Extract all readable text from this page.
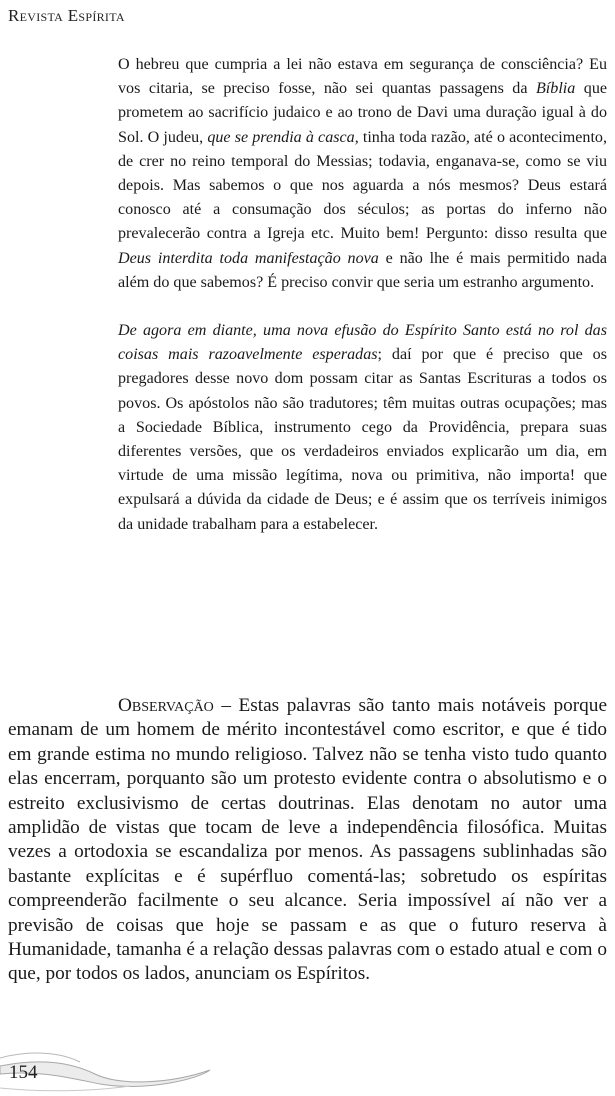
Revista Espírita

O hebreu que cumpria a lei não estava em segurança de consciência? Eu vos citaria, se preciso fosse, não sei quantas passagens da Bíblia que prometem ao sacrifício judaico e ao trono de Davi uma duração igual à do Sol. O judeu, que se prendia à casca, tinha toda razão, até o acontecimento, de crer no reino temporal do Messias; todavia, enganava-se, como se viu depois. Mas sabemos o que nos aguarda a nós mesmos? Deus estará conosco até a consumação dos séculos; as portas do inferno não prevalecerão contra a Igreja etc. Muito bem! Pergunto: disso resulta que Deus interdita toda manifestação nova e não lhe é mais permitido nada além do que sabemos? É preciso convir que seria um estranho argumento.

De agora em diante, uma nova efusão do Espírito Santo está no rol das coisas mais razoavelmente esperadas; daí por que é preciso que os pregadores desse novo dom possam citar as Santas Escrituras a todos os povos. Os apóstolos não são tradutores; têm muitas outras ocupações; mas a Sociedade Bíblica, instrumento cego da Providência, prepara suas diferentes versões, que os verdadeiros enviados explicarão um dia, em virtude de uma missão legítima, nova ou primitiva, não importa! que expulsará a dúvida da cidade de Deus; e é assim que os terríveis inimigos da unidade trabalham para a estabelecer.

Observação – Estas palavras são tanto mais notáveis porque emanam de um homem de mérito incontestável como escritor, e que é tido em grande estima no mundo religioso. Talvez não se tenha visto tudo quanto elas encerram, porquanto são um protesto evidente contra o absolutismo e o estreito exclusivismo de certas doutrinas. Elas denotam no autor uma amplidão de vistas que tocam de leve a independência filosófica. Muitas vezes a ortodoxia se escandaliza por menos. As passagens sublinhadas são bastante explícitas e é supérfluo comentá-las; sobretudo os espíritas compreenderão facilmente o seu alcance. Seria impossível aí não ver a previsão de coisas que hoje se passam e as que o futuro reserva à Humanidade, tamanha é a relação dessas palavras com o estado atual e com o que, por todos os lados, anunciam os Espíritos.

154
